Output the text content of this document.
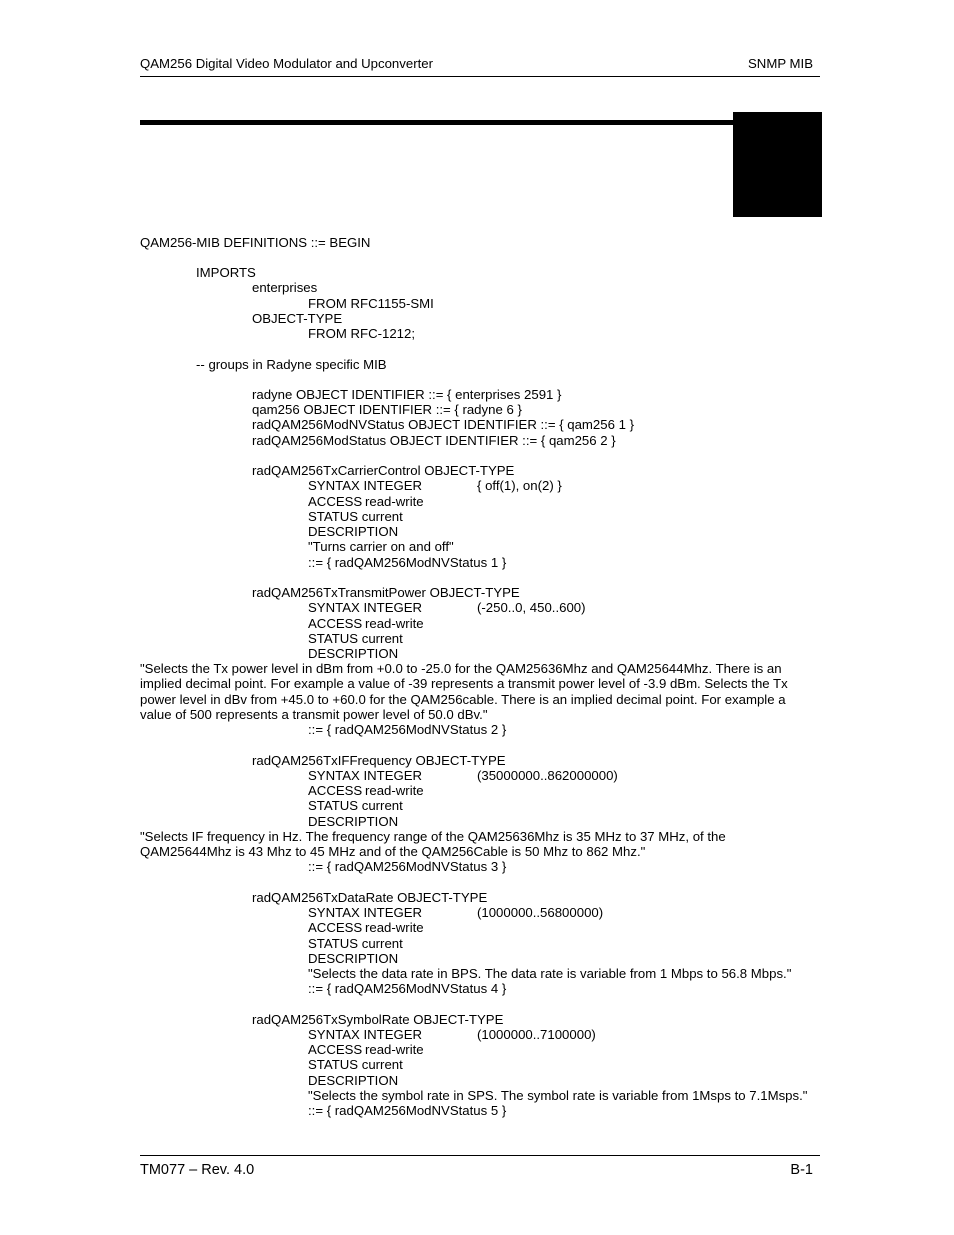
QAM256 Digital Video Modulator and Upconverter	SNMP MIB
QAM256-MIB DEFINITIONS ::= BEGIN
IMPORTS
enterprises
FROM RFC1155-SMI
OBJECT-TYPE
FROM RFC-1212;
-- groups in Radyne specific MIB
radyne OBJECT IDENTIFIER ::= { enterprises 2591 }
qam256 OBJECT IDENTIFIER ::= { radyne 6 }
radQAM256ModNVStatus OBJECT IDENTIFIER ::= { qam256 1 }
radQAM256ModStatus OBJECT IDENTIFIER ::= { qam256 2 }
radQAM256TxCarrierControl OBJECT-TYPE
SYNTAX INTEGER	{ off(1), on(2) }
ACCESS read-write
STATUS current
DESCRIPTION
"Turns carrier on and off"
::= { radQAM256ModNVStatus 1 }
radQAM256TxTransmitPower OBJECT-TYPE
SYNTAX INTEGER	(-250..0, 450..600)
ACCESS read-write
STATUS current
DESCRIPTION
"Selects the Tx power level in dBm from +0.0 to -25.0 for the QAM25636Mhz and QAM25644Mhz. There is an implied decimal point. For example a value of -39 represents a transmit power level of -3.9 dBm. Selects the Tx power level in dBv from +45.0 to +60.0 for the QAM256cable. There is an implied decimal point. For example a value of 500 represents a transmit power level of 50.0 dBv."
::= { radQAM256ModNVStatus 2 }
radQAM256TxIFFrequency OBJECT-TYPE
SYNTAX INTEGER	(35000000..862000000)
ACCESS read-write
STATUS current
DESCRIPTION
"Selects IF frequency in Hz. The frequency range of the QAM25636Mhz is 35 MHz to 37 MHz, of the QAM25644Mhz is 43 Mhz to 45 MHz and of the QAM256Cable is 50 Mhz to 862 Mhz."
::= { radQAM256ModNVStatus 3 }
radQAM256TxDataRate OBJECT-TYPE
SYNTAX INTEGER	(1000000..56800000)
ACCESS read-write
STATUS current
DESCRIPTION
"Selects the data rate in BPS. The data rate is variable from 1 Mbps to 56.8 Mbps."
::= { radQAM256ModNVStatus 4 }
radQAM256TxSymbolRate OBJECT-TYPE
SYNTAX INTEGER	(1000000..7100000)
ACCESS read-write
STATUS current
DESCRIPTION
"Selects the symbol rate in SPS. The symbol rate is variable from 1Msps to 7.1Msps."
::= { radQAM256ModNVStatus 5 }
TM077 – Rev. 4.0	B-1
